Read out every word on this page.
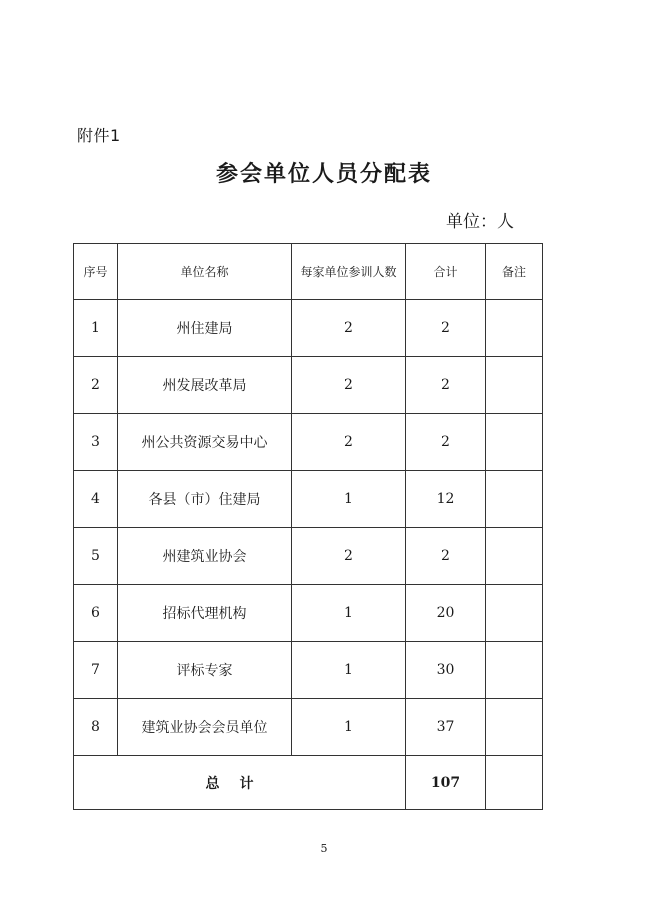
附件1
参会单位人员分配表
单位：人
序号	单位名称	每家单位参训人数	合计	备注
1	州住建局	2	2	
2	州发展改革局	2	2	
3	州公共资源交易中心	2	2	
4	各县（市）住建局	1	12	
5	州建筑业协会	2	2	
6	招标代理机构	1	20	
7	评标专家	1	30	
8	建筑业协会会员单位	1	37	
总计			107	
5
